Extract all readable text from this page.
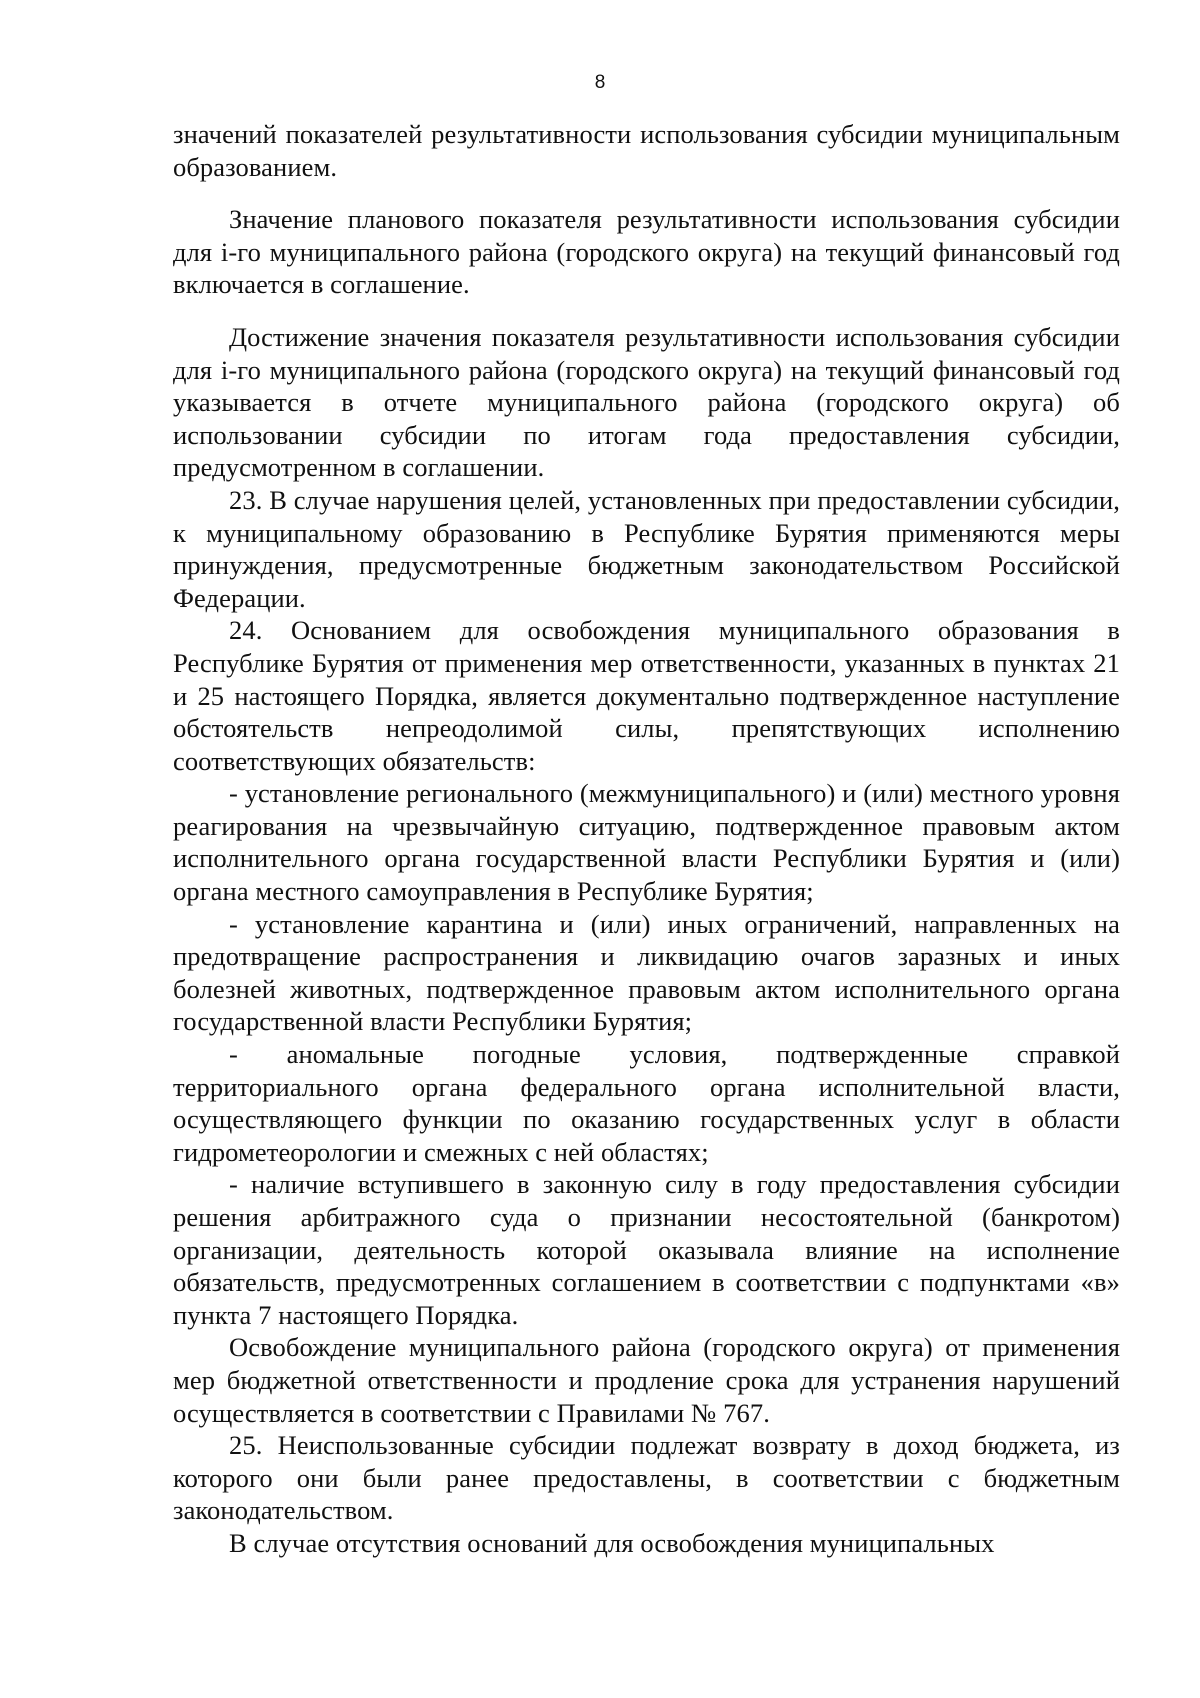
8

значений показателей результативности использования субсидии муниципальным образованием.

Значение планового показателя результативности использования субсидии для i-го муниципального района (городского округа) на текущий финансовый год включается в соглашение.

Достижение значения показателя результативности использования субсидии для i-го муниципального района (городского округа) на текущий финансовый год указывается в отчете муниципального района (городского округа) об использовании субсидии по итогам года предоставления субсидии, предусмотренном в соглашении.

23. В случае нарушения целей, установленных при предоставлении субсидии, к муниципальному образованию в Республике Бурятия применяются меры принуждения, предусмотренные бюджетным законодательством Российской Федерации.

24. Основанием для освобождения муниципального образования в Республике Бурятия от применения мер ответственности, указанных в пунктах 21 и 25 настоящего Порядка, является документально подтвержденное наступление обстоятельств непреодолимой силы, препятствующих исполнению соответствующих обязательств:

- установление регионального (межмуниципального) и (или) местного уровня реагирования на чрезвычайную ситуацию, подтвержденное правовым актом исполнительного органа государственной власти Республики Бурятия и (или) органа местного самоуправления в Республике Бурятия;

- установление карантина и (или) иных ограничений, направленных на предотвращение распространения и ликвидацию очагов заразных и иных болезней животных, подтвержденное правовым актом исполнительного органа государственной власти Республики Бурятия;

- аномальные погодные условия, подтвержденные справкой территориального органа федерального органа исполнительной власти, осуществляющего функции по оказанию государственных услуг в области гидрометеорологии и смежных с ней областях;

- наличие вступившего в законную силу в году предоставления субсидии решения арбитражного суда о признании несостоятельной (банкротом) организации, деятельность которой оказывала влияние на исполнение обязательств, предусмотренных соглашением в соответствии с подпунктами «в» пункта 7 настоящего Порядка.

Освобождение муниципального района (городского округа) от применения мер бюджетной ответственности и продление срока для устранения нарушений осуществляется в соответствии с Правилами № 767.

25. Неиспользованные субсидии подлежат возврату в доход бюджета, из которого они были ранее предоставлены, в соответствии с бюджетным законодательством.

В случае отсутствия оснований для освобождения муниципальных
